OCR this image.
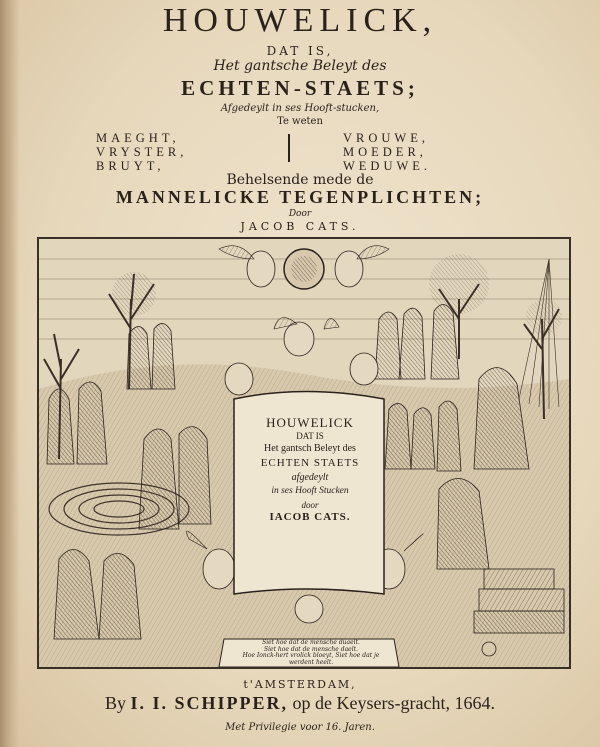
HOUWELICK,
DAT IS,
Het gantsche Beleyt des
ECHTEN-STAETS;
Afgedeylt in ses Hooft-stucken,
Te weten
MAEGHT,
VRYSTER,
BRUYT,
VROUWE,
MOEDER,
WEDUWE.
Behelsende mede de
MANNELICKE TEGENPLICHTEN;
Door
JACOB CATS.
HOUWELICK
DAT IS
Het gantsch Beleyt des
ECHTEN STAETS
afgedeylt
in ses Hooft Stucken
door
IACOB CATS.
Siet hoe dat de mensche duaelt.
Siet hoe dat de mensche daelt.
Hoe Ionck-hert vrolick bloeyt, Siet hoe dat je werdent heelt.
t'AMSTERDAM,
By I. I. SCHIPPER, op de Keysers-gracht, 1664.
Met Privilegie voor 16. Jaren.
